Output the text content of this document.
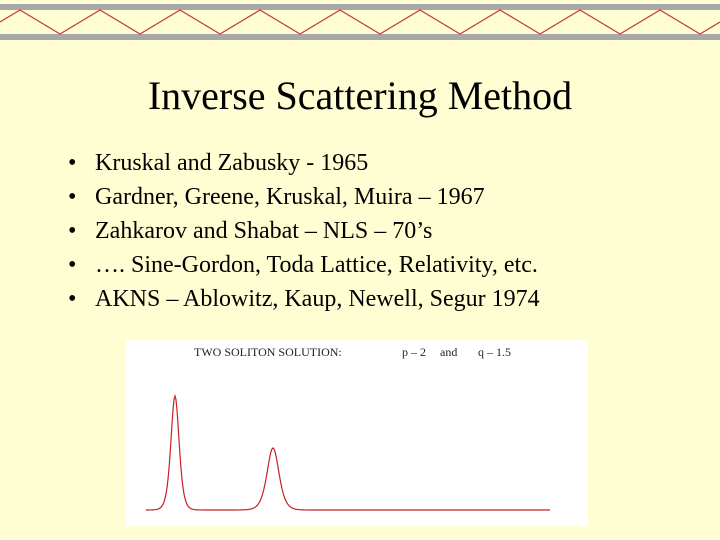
Inverse Scattering Method
• Kruskal and Zabusky - 1965
• Gardner, Greene, Kruskal, Muira – 1967
• Zahkarov and Shabat – NLS – 70’s
• …. Sine-Gordon, Toda Lattice, Relativity, etc.
• AKNS – Ablowitz, Kaup, Newell, Segur 1974
TWO SOLITON SOLUTION:	p – 2 and q – 1.5
